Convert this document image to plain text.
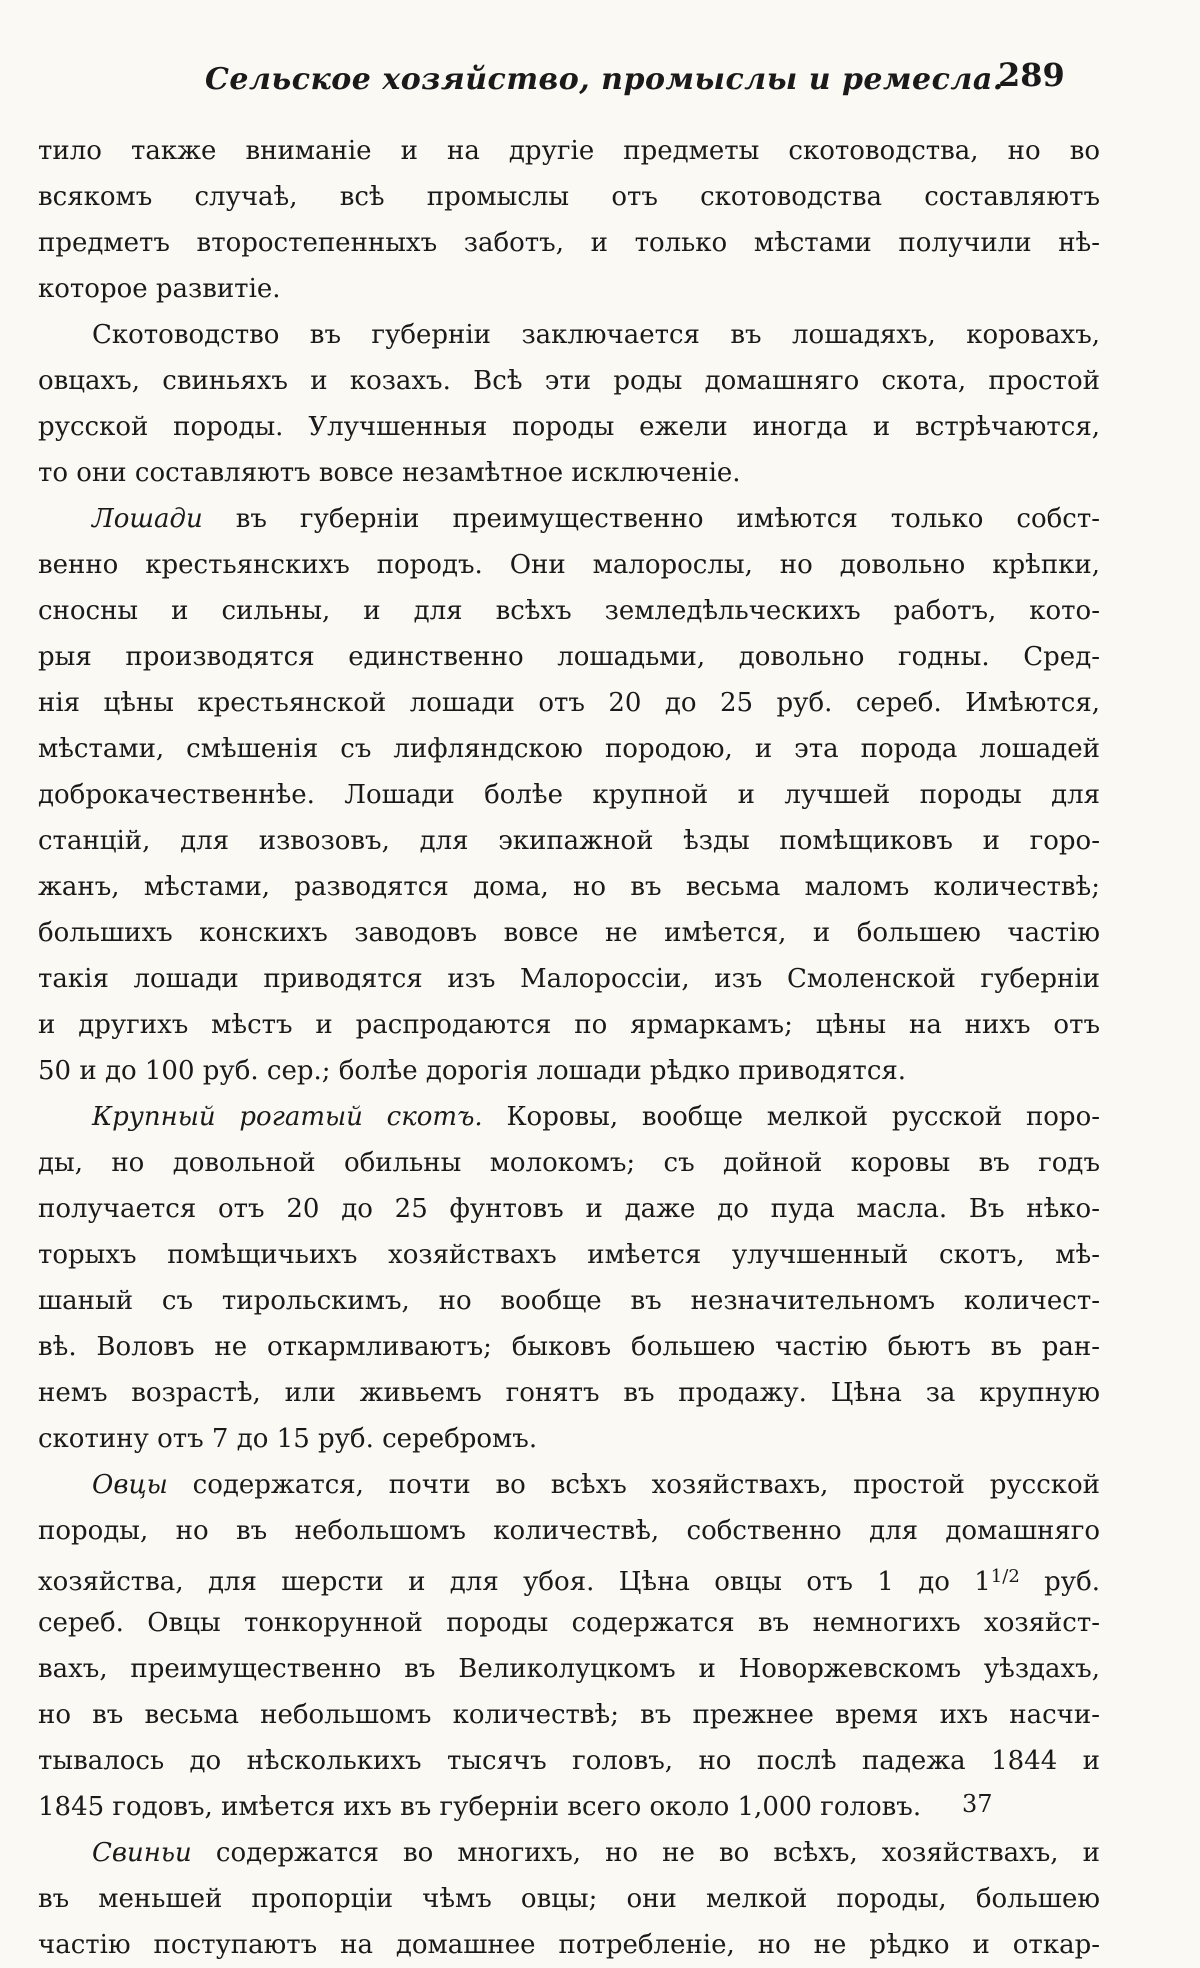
Сельское хозяйство, промыслы и ремесла.
289
тило также вниманіе и на другіе предметы скотоводства, но во
всякомъ случаѣ, всѣ промыслы отъ скотоводства составляютъ
предметъ второстепенныхъ заботъ, и только мѣстами получили нѣ-
которое развитіе.
Скотоводство въ губерніи заключается въ лошадяхъ, коровахъ,
овцахъ, свиньяхъ и козахъ. Всѣ эти роды домашняго скота, простой
русской породы. Улучшенныя породы ежели иногда и встрѣчаются,
то они составляютъ вовсе незамѣтное исключеніе.
Лошади въ губерніи преимущественно имѣются только собст-
венно крестьянскихъ породъ. Они малорослы, но довольно крѣпки,
сносны и сильны, и для всѣхъ земледѣльческихъ работъ, кото-
рыя производятся единственно лошадьми, довольно годны. Сред-
нія цѣны крестьянской лошади отъ 20 до 25 руб. сереб. Имѣются,
мѣстами, смѣшенія съ лифляндскою породою, и эта порода лошадей
доброкачественнѣе. Лошади болѣе крупной и лучшей породы для
станцій, для извозовъ, для экипажной ѣзды помѣщиковъ и горо-
жанъ, мѣстами, разводятся дома, но въ весьма маломъ количествѣ;
большихъ конскихъ заводовъ вовсе не имѣется, и большею частію
такія лошади приводятся изъ Малороссіи, изъ Смоленской губерніи
и другихъ мѣстъ и распродаются по ярмаркамъ; цѣны на нихъ отъ
50 и до 100 руб. сер.; болѣе дорогія лошади рѣдко приводятся.
Крупный рогатый скотъ. Коровы, вообще мелкой русской поро-
ды, но довольной обильны молокомъ; съ дойной коровы въ годъ
получается отъ 20 до 25 фунтовъ и даже до пуда масла. Въ нѣко-
торыхъ помѣщичьихъ хозяйствахъ имѣется улучшенный скотъ, мѣ-
шаный съ тирольскимъ, но вообще въ незначительномъ количест-
вѣ. Воловъ не откармливаютъ; быковъ большею частію бьютъ въ ран-
немъ возрастѣ, или живьемъ гонятъ въ продажу. Цѣна за крупную
скотину отъ 7 до 15 руб. серебромъ.
Овцы содержатся, почти во всѣхъ хозяйствахъ, простой русской
породы, но въ небольшомъ количествѣ, собственно для домашняго
хозяйства, для шерсти и для убоя. Цѣна овцы отъ 1 до $1^{1/2}$ руб.
сереб. Овцы тонкорунной породы содержатся въ немногихъ хозяйст-
вахъ, преимущественно въ Великолуцкомъ и Новоржевскомъ уѣздахъ,
но въ весьма небольшомъ количествѣ; въ прежнее время ихъ насчи-
тывалось до нѣсколькихъ тысячъ головъ, но послѣ падежа 1844 и
1845 годовъ, имѣется ихъ въ губерніи всего около 1,000 головъ.
Свиньи содержатся во многихъ, но не во всѣхъ, хозяйствахъ, и
въ меньшей пропорціи чѣмъ овцы; они мелкой породы, большею
частію поступаютъ на домашнее потребленіе, но не рѣдко и откар-
37
